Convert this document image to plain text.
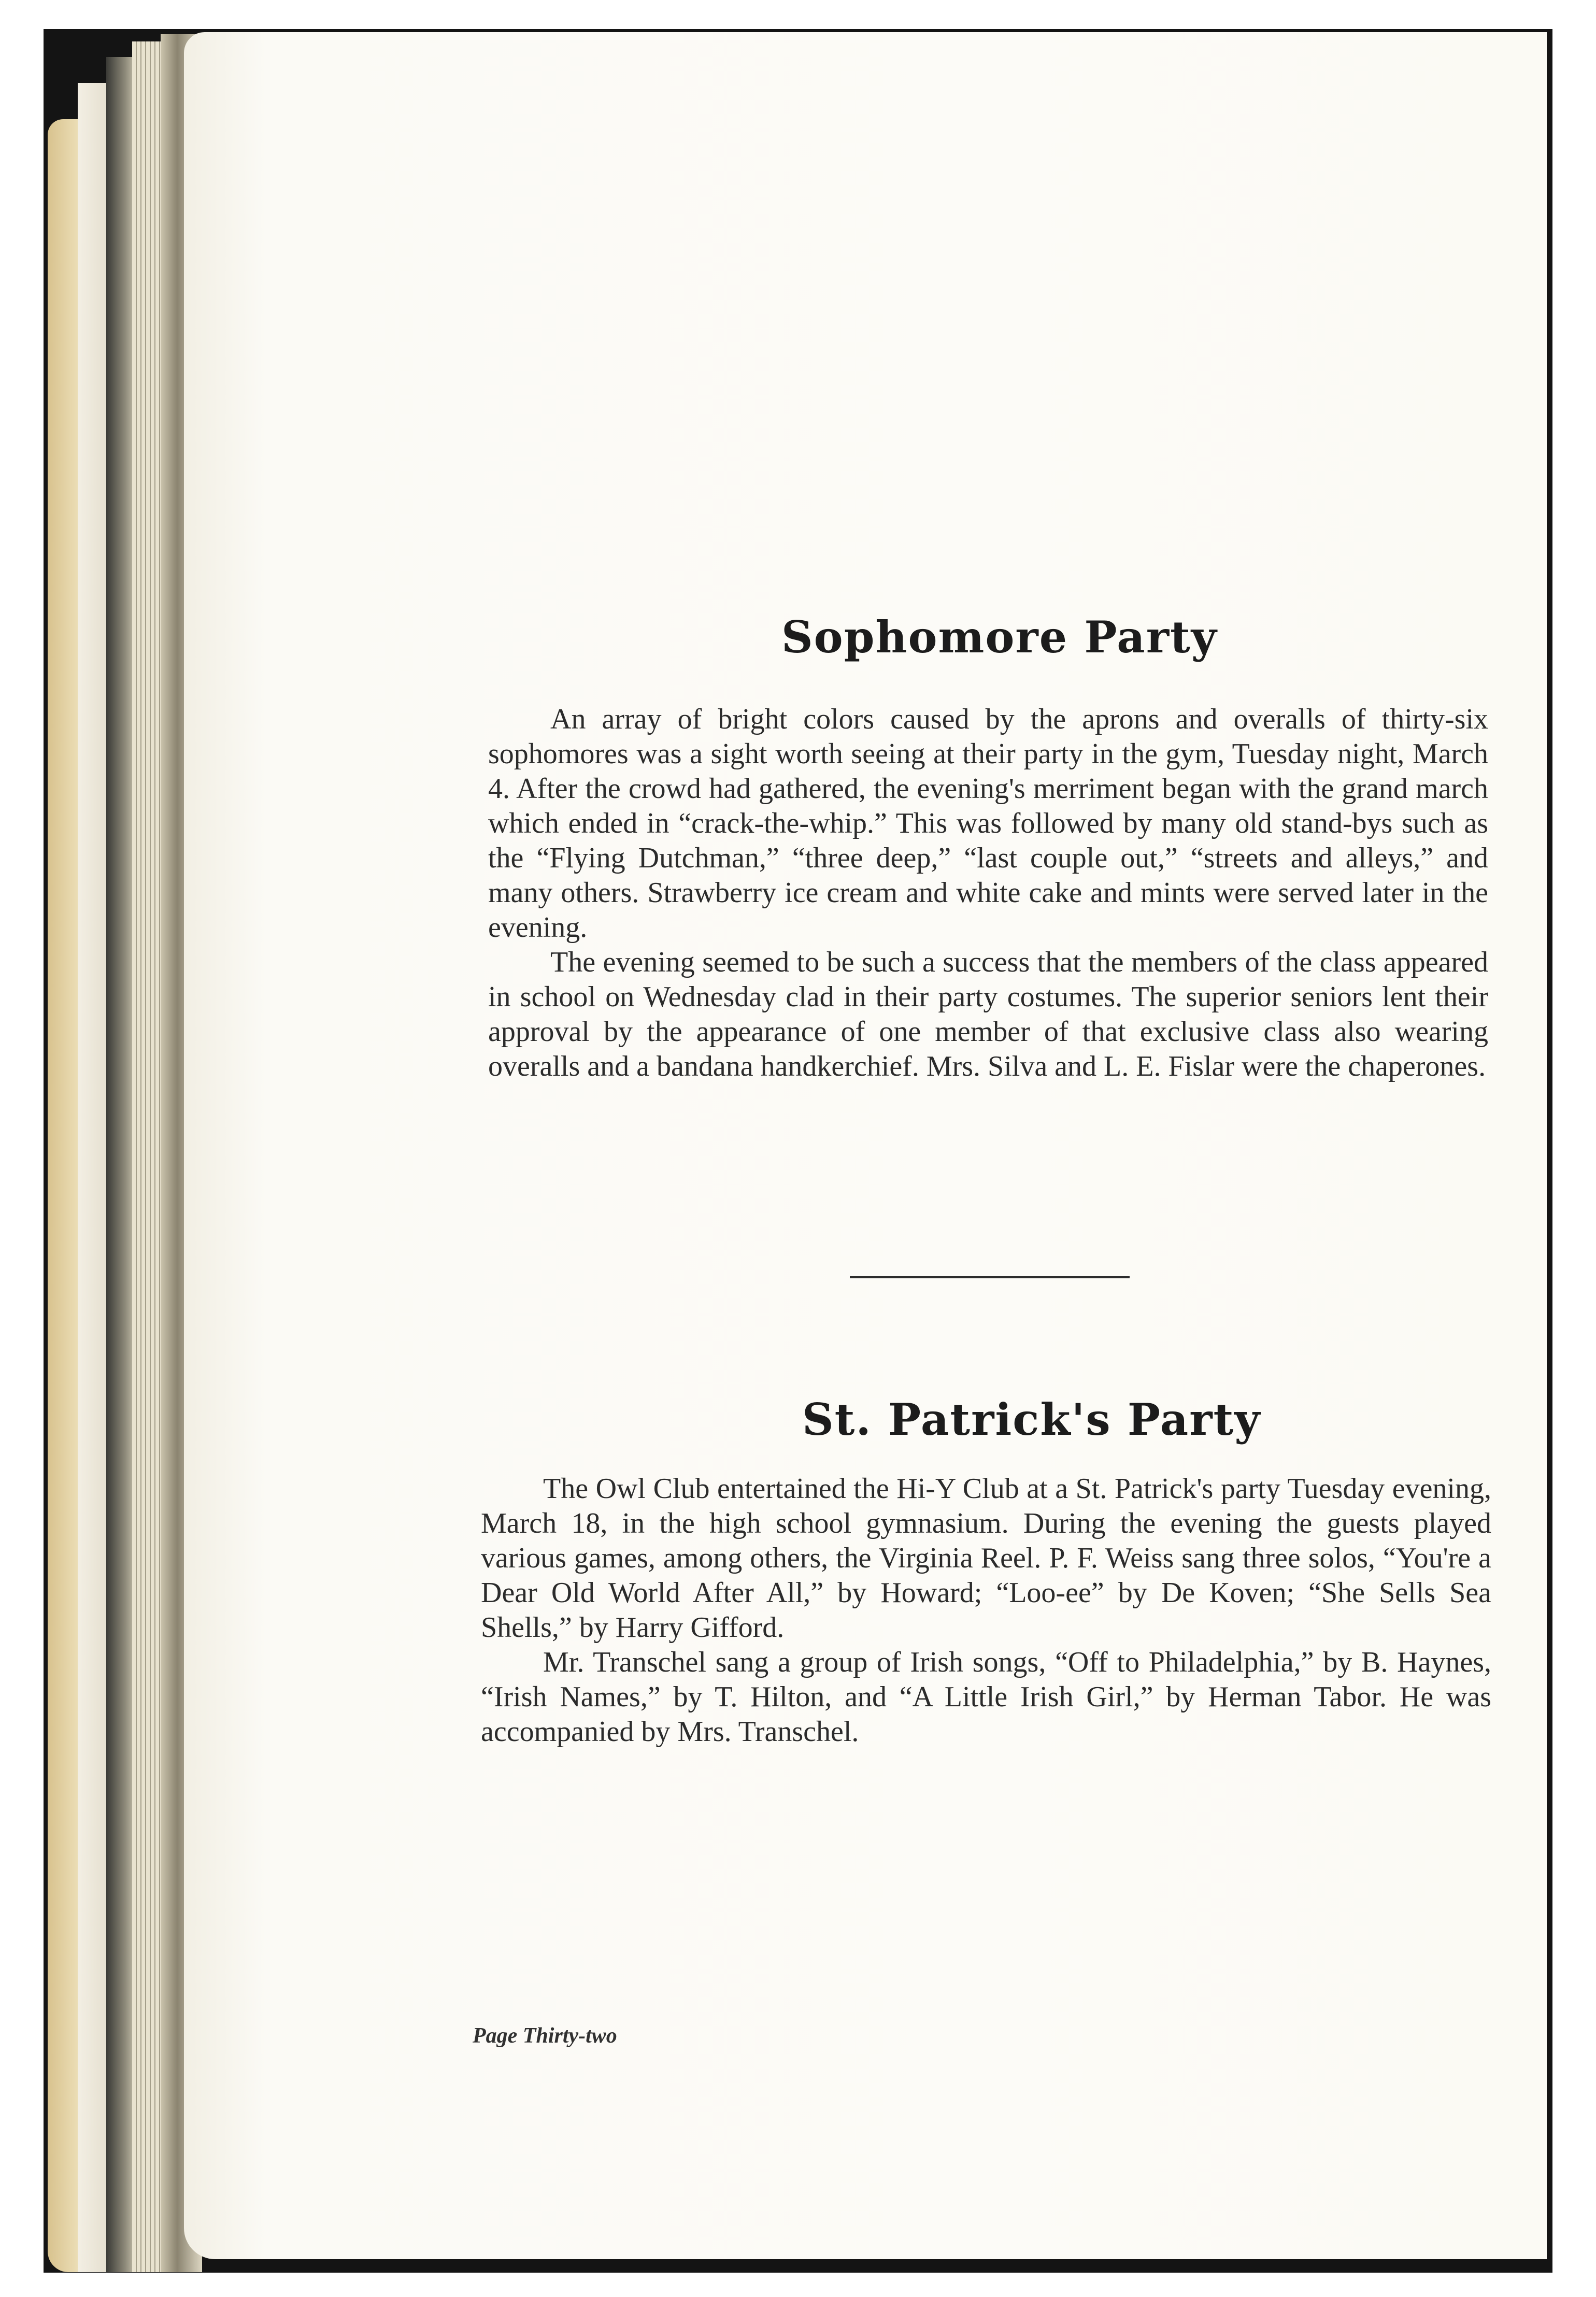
Sophomore Party

An array of bright colors caused by the aprons and overalls of thirty-six sophomores was a sight worth seeing at their party in the gym, Tuesday night, March 4. After the crowd had gathered, the evening's merriment began with the grand march which ended in “crack-the-whip.” This was followed by many old stand-bys such as the “Flying Dutchman,” “three deep,” “last couple out,” “streets and alleys,” and many others. Strawberry ice cream and white cake and mints were served later in the evening.

The evening seemed to be such a success that the members of the class appeared in school on Wednesday clad in their party costumes. The superior seniors lent their approval by the appearance of one member of that exclusive class also wearing overalls and a bandana handkerchief. Mrs. Silva and L. E. Fislar were the chaperones.

St. Patrick's Party

The Owl Club entertained the Hi-Y Club at a St. Patrick's party Tuesday evening, March 18, in the high school gymnasium. During the evening the guests played various games, among others, the Virginia Reel. P. F. Weiss sang three solos, “You're a Dear Old World After All,” by Howard; “Loo-ee” by De Koven; “She Sells Sea Shells,” by Harry Gifford.

Mr. Transchel sang a group of Irish songs, “Off to Philadelphia,” by B. Haynes, “Irish Names,” by T. Hilton, and “A Little Irish Girl,” by Herman Tabor. He was accompanied by Mrs. Transchel.

Page Thirty-two
